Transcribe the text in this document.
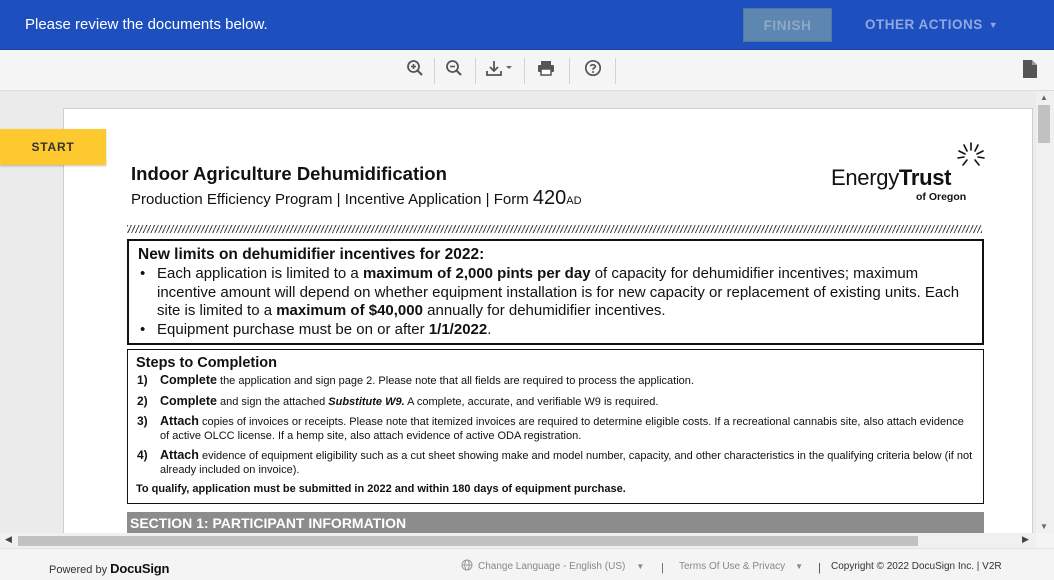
Please review the documents below.	FINISH	OTHER ACTIONS ▼
Indoor Agriculture Dehumidification
Production Efficiency Program | Incentive Application | Form 420AD
EnergyTrust
of Oregon
New limits on dehumidifier incentives for 2022:
• Each application is limited to a maximum of 2,000 pints per day of capacity for dehumidifier incentives; maximum incentive amount will depend on whether equipment installation is for new capacity or replacement of existing units. Each site is limited to a maximum of $40,000 annually for dehumidifier incentives.
• Equipment purchase must be on or after 1/1/2022.
Steps to Completion
1) Complete the application and sign page 2. Please note that all fields are required to process the application.
2) Complete and sign the attached Substitute W9. A complete, accurate, and verifiable W9 is required.
3) Attach copies of invoices or receipts. Please note that itemized invoices are required to determine eligible costs. If a recreational cannabis site, also attach evidence of active OLCC license. If a hemp site, also attach evidence of active ODA registration.
4) Attach evidence of equipment eligibility such as a cut sheet showing make and model number, capacity, and other characteristics in the qualifying criteria below (if not already included on invoice).
To qualify, application must be submitted in 2022 and within 180 days of equipment purchase.
SECTION 1: PARTICIPANT INFORMATION
START
▲
▼
◀	▶
Powered by DocuSign	Change Language - English (US) ▼ | Terms Of Use & Privacy ▼ | Copyright © 2022 DocuSign Inc. | V2R
